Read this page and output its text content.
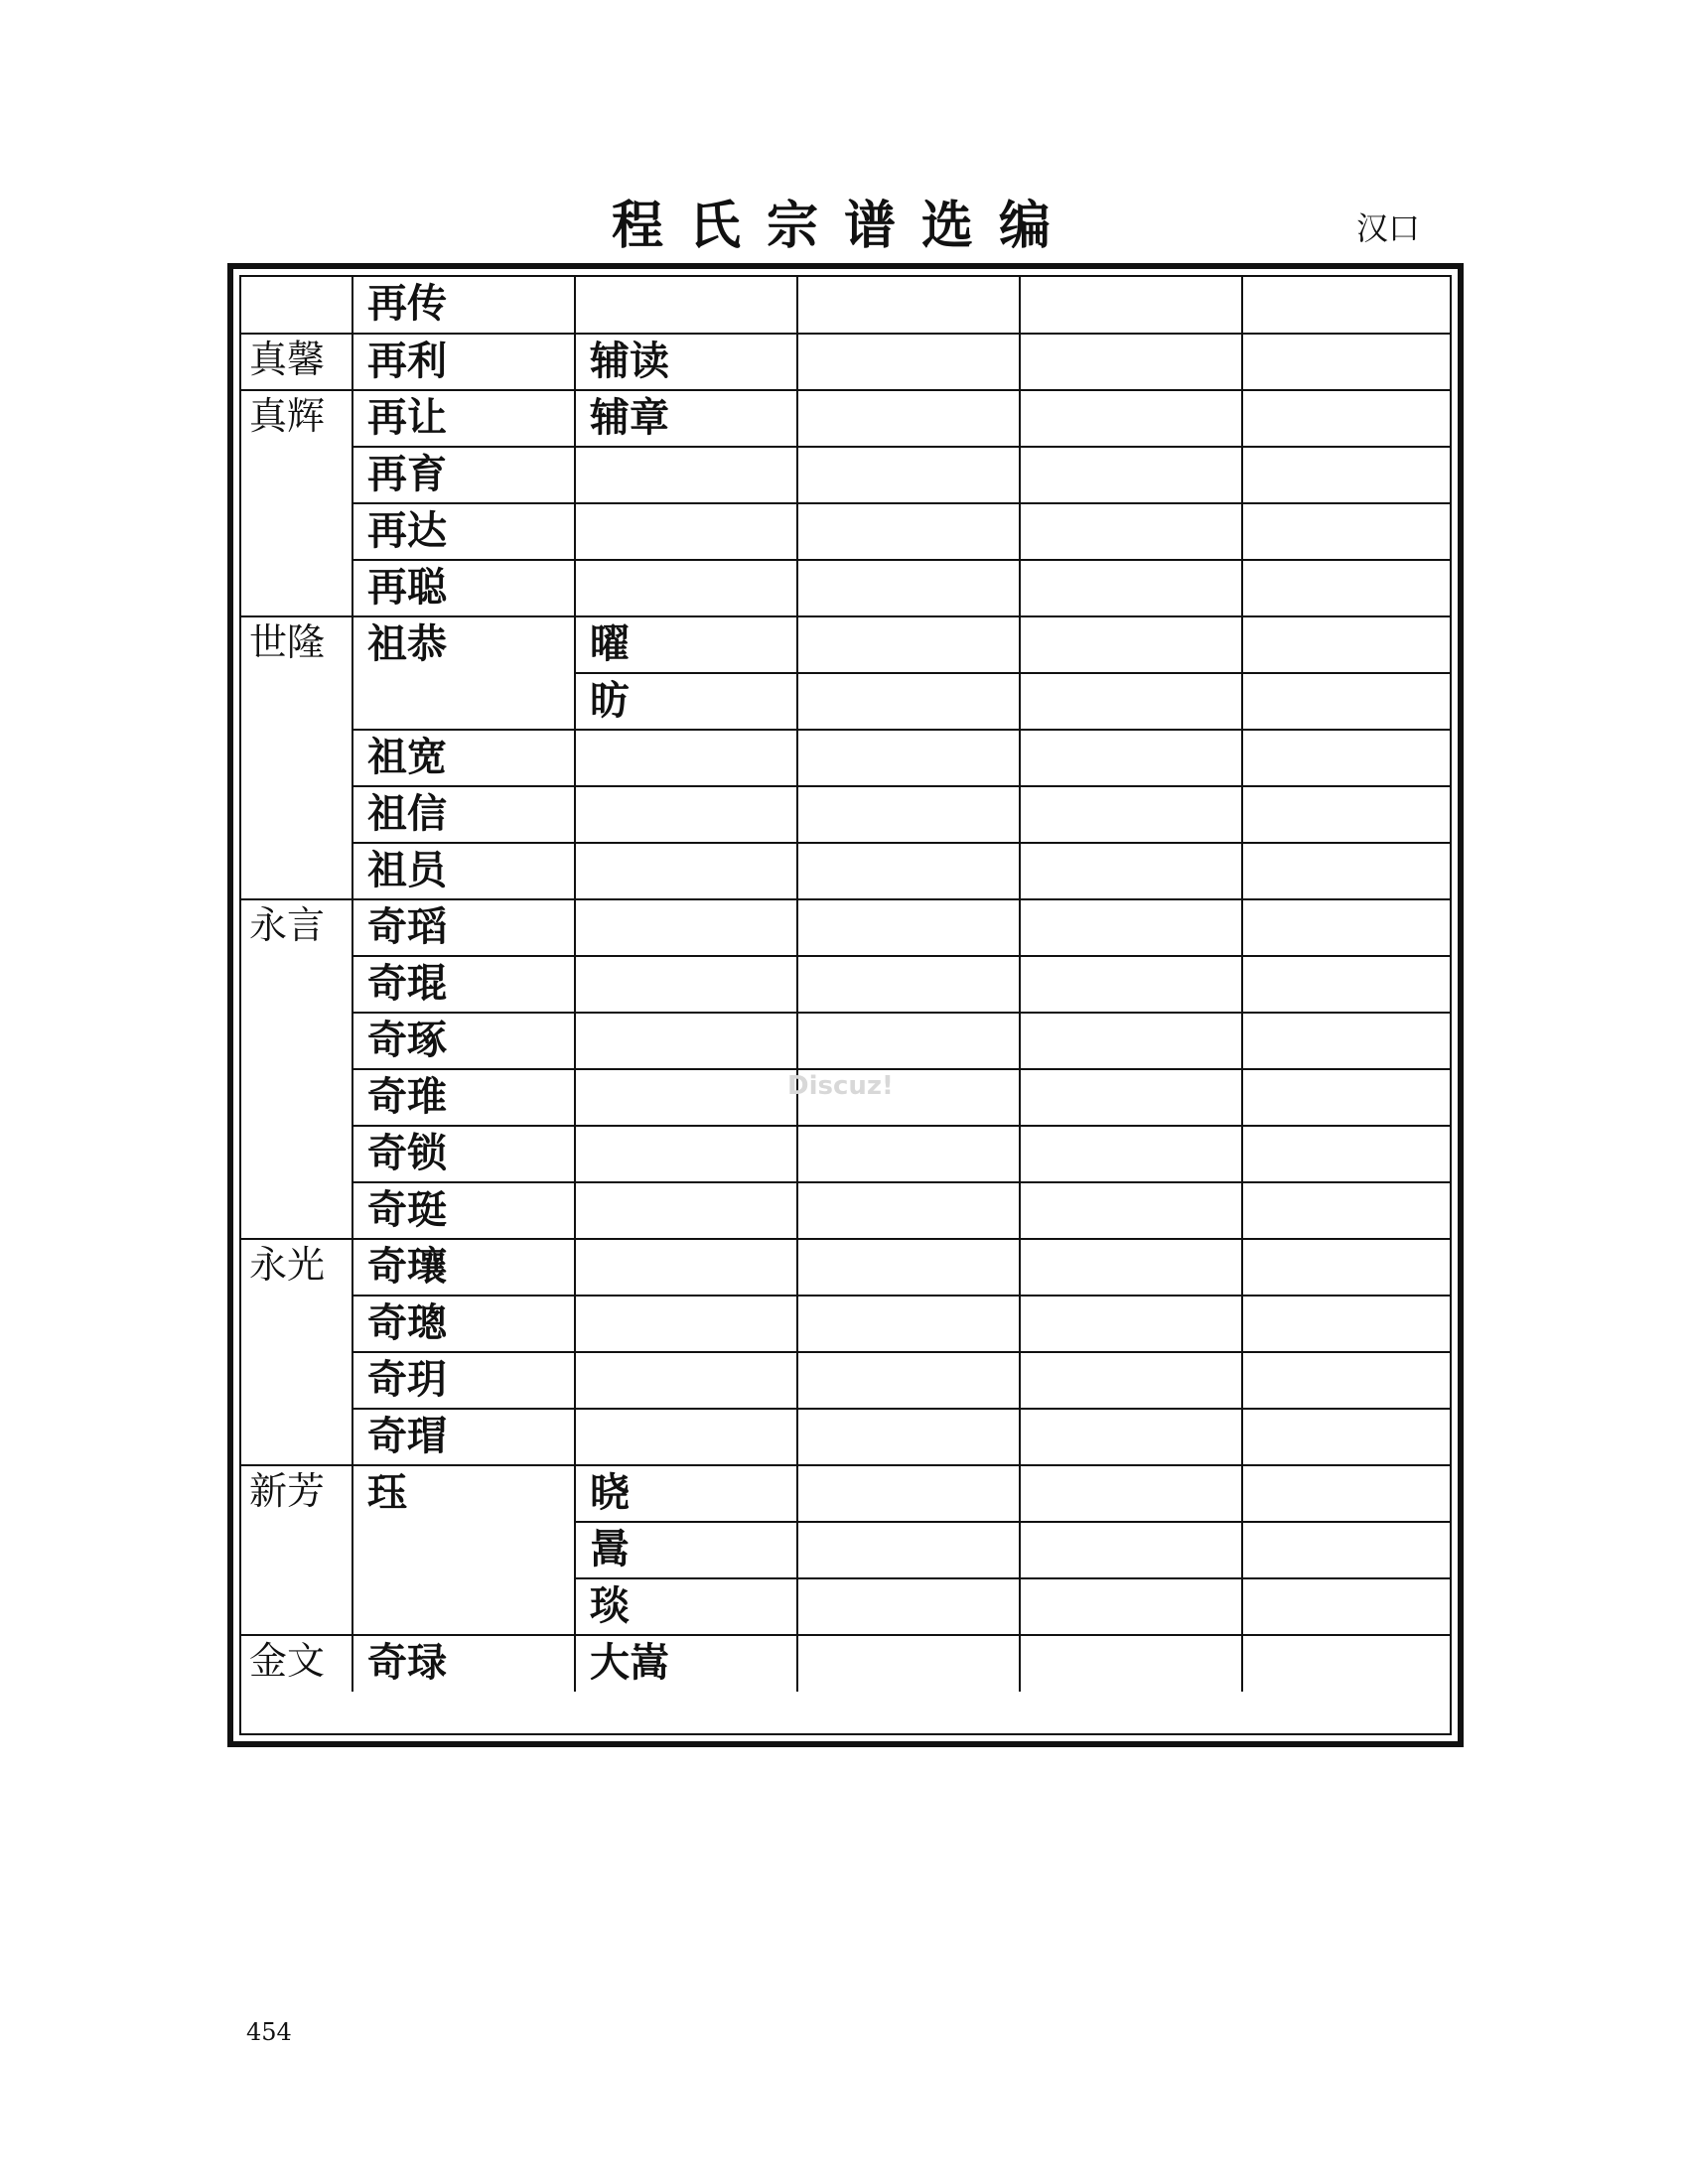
程氏宗谱选编	汉口
	再传				
真馨	再利	辅读			
真辉	再让	辅章			
	再育				
	再达				
	再聪				
世隆	祖恭	曜			
		昉			
	祖宽				
	祖信				
	祖员				
永言	奇瑫				
	奇琨				
	奇琢				
	奇琟				
	奇锁				
	奇珽				
永光	奇瓖				
	奇璁				
	奇玥				
	奇瑁				
新芳	珏	晓			
		暠			
		琰			
金文	奇琭	大嵩			
Discuz!
454
